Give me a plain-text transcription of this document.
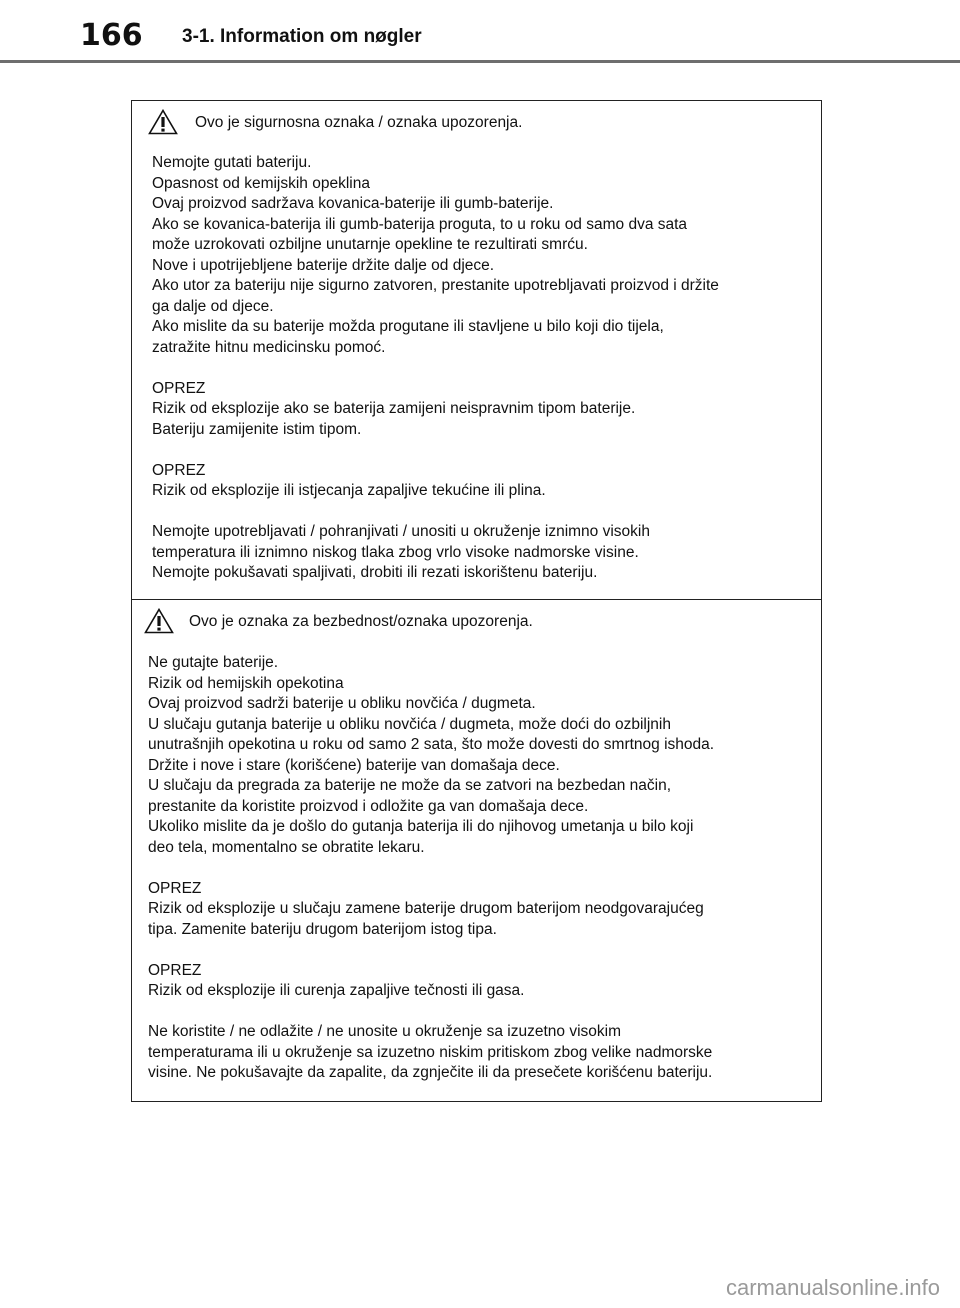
166 3-1. Information om nøgler
Ovo je sigurnosna oznaka / oznaka upozorenja.
Nemojte gutati bateriju.
Opasnost od kemijskih opeklina
Ovaj proizvod sadržava kovanica-baterije ili gumb-baterije.
Ako se kovanica-baterija ili gumb-baterija proguta, to u roku od samo dva sata
može uzrokovati ozbiljne unutarnje opekline te rezultirati smrću.
Nove i upotrijebljene baterije držite dalje od djece.
Ako utor za bateriju nije sigurno zatvoren, prestanite upotrebljavati proizvod i držite
ga dalje od djece.
Ako mislite da su baterije možda progutane ili stavljene u bilo koji dio tijela,
zatražite hitnu medicinsku pomoć.
OPREZ
Rizik od eksplozije ako se baterija zamijeni neispravnim tipom baterije.
Bateriju zamijenite istim tipom.
OPREZ
Rizik od eksplozije ili istjecanja zapaljive tekućine ili plina.
Nemojte upotrebljavati / pohranjivati / unositi u okruženje iznimno visokih
temperatura ili iznimno niskog tlaka zbog vrlo visoke nadmorske visine.
Nemojte pokušavati spaljivati, drobiti ili rezati iskorištenu bateriju.
Ovo je oznaka za bezbednost/oznaka upozorenja.
Ne gutajte baterije.
Rizik od hemijskih opekotina
Ovaj proizvod sadrži baterije u obliku novčića / dugmeta.
U slučaju gutanja baterije u obliku novčića / dugmeta, može doći do ozbiljnih
unutrašnjih opekotina u roku od samo 2 sata, što može dovesti do smrtnog ishoda.
Držite i nove i stare (korišćene) baterije van domašaja dece.
U slučaju da pregrada za baterije ne može da se zatvori na bezbedan način,
prestanite da koristite proizvod i odložite ga van domašaja dece.
Ukoliko mislite da je došlo do gutanja baterija ili do njihovog umetanja u bilo koji
deo tela, momentalno se obratite lekaru.
OPREZ
Rizik od eksplozije u slučaju zamene baterije drugom baterijom neodgovarajućeg
tipa. Zamenite bateriju drugom baterijom istog tipa.
OPREZ
Rizik od eksplozije ili curenja zapaljive tečnosti ili gasa.
Ne koristite / ne odlažite / ne unosite u okruženje sa izuzetno visokim
temperaturama ili u okruženje sa izuzetno niskim pritiskom zbog velike nadmorske
visine. Ne pokušavajte da zapalite, da zgnječite ili da presečete korišćenu bateriju.
carmanualsonline.info
